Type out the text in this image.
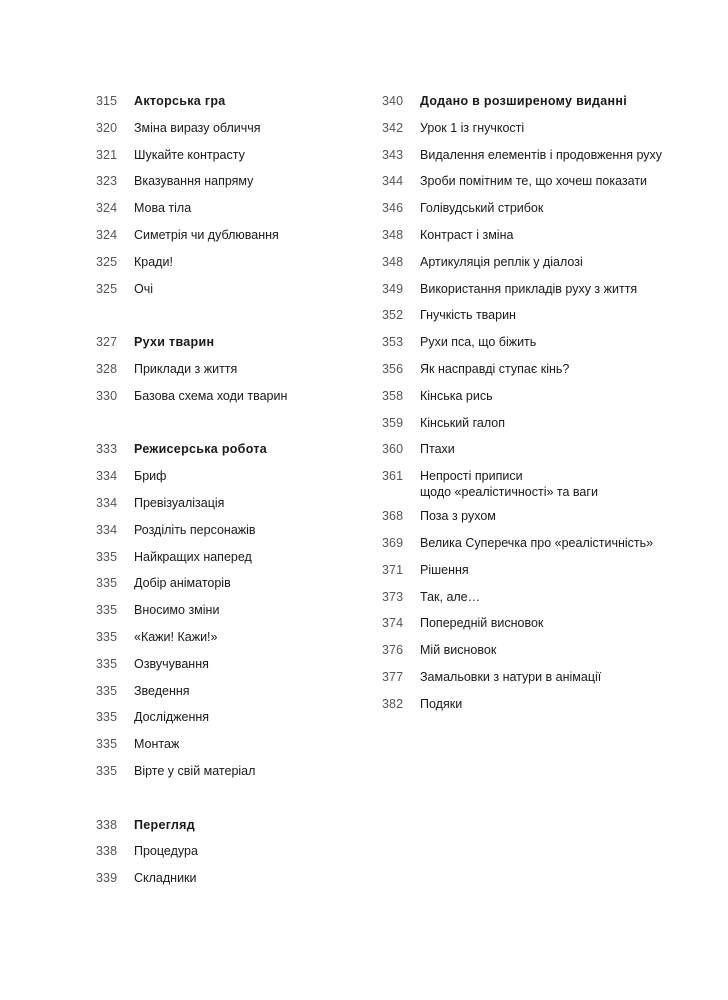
315	Акторська гра
320	Зміна виразу обличчя
321	Шукайте контрасту
323	Вказування напряму
324	Мова тіла
324	Симетрія чи дублювання
325	Кради!
325	Очі
327	Рухи тварин
328	Приклади з життя
330	Базова схема ходи тварин
333	Режисерська робота
334	Бриф
334	Превізуалізація
334	Розділіть персонажів
335	Найкращих наперед
335	Добір аніматорів
335	Вносимо зміни
335	«Кажи! Кажи!»
335	Озвучування
335	Зведення
335	Дослідження
335	Монтаж
335	Вірте у свій матеріал
338	Перегляд
338	Процедура
339	Складники
340	Додано в розширеному виданні
342	Урок 1 із гнучкості
343	Видалення елементів і продовження руху
344	Зроби помітним те, що хочеш показати
346	Голівудський стрибок
348	Контраст і зміна
348	Артикуляція реплік у діалозі
349	Використання прикладів руху з життя
352	Гнучкість тварин
353	Рухи пса, що біжить
356	Як насправді ступає кінь?
358	Кінська рись
359	Кінський галоп
360	Птахи
361	Непрості приписи
щодо «реалістичності» та ваги
368	Поза з рухом
369	Велика Суперечка про «реалістичність»
371	Рішення
373	Так, але…
374	Попередній висновок
376	Мій висновок
377	Замальовки з натури в анімації
382	Подяки
